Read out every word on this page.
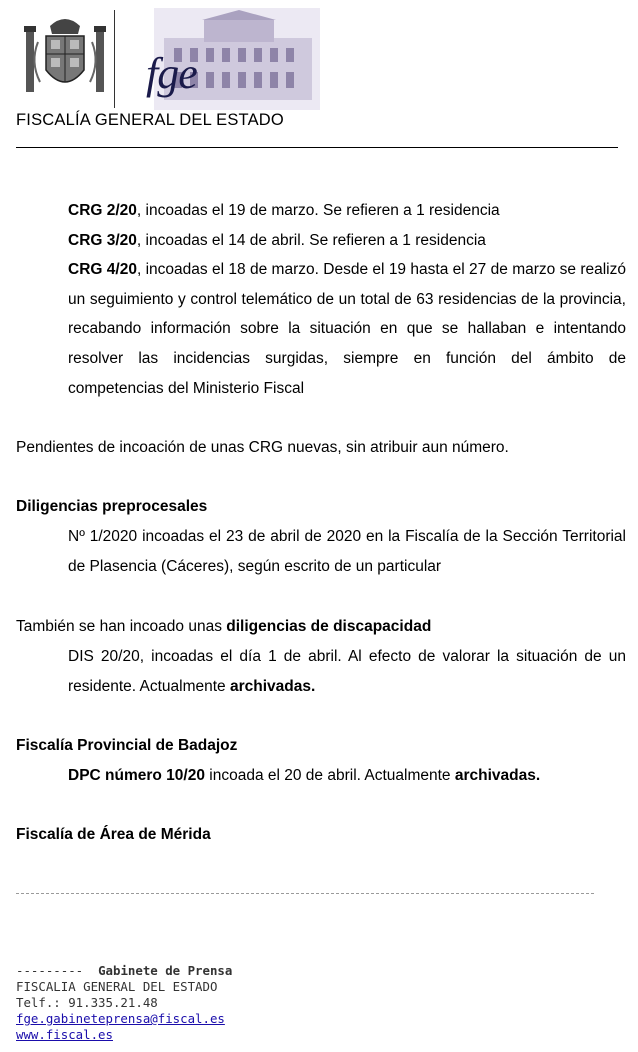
fge
FISCALÍA GENERAL DEL ESTADO
CRG 2/20, incoadas el 19 de marzo. Se refieren a 1 residencia
CRG 3/20, incoadas el 14 de abril. Se refieren a 1 residencia
CRG 4/20, incoadas el 18 de marzo. Desde el 19 hasta el 27 de marzo se realizó un seguimiento y control telemático de un total de 63 residencias de la provincia, recabando información sobre la situación en que se hallaban e intentando resolver las incidencias surgidas, siempre en función del ámbito de competencias del Ministerio Fiscal
Pendientes de incoación de unas CRG nuevas, sin atribuir aun número.
Diligencias preprocesales
Nº 1/2020 incoadas el 23 de abril de 2020 en la Fiscalía de la Sección Territorial de Plasencia (Cáceres), según escrito de un particular
También se han incoado unas diligencias de discapacidad
DIS 20/20, incoadas el día 1 de abril. Al efecto de valorar la situación de un residente. Actualmente archivadas.
Fiscalía Provincial de Badajoz
DPC número 10/20 incoada el 20 de abril. Actualmente archivadas.
Fiscalía de Área de Mérida
--------- Gabinete de Prensa
FISCALIA GENERAL DEL ESTADO
Telf.: 91.335.21.48
fge.gabineteprensa@fiscal.es
www.fiscal.es
